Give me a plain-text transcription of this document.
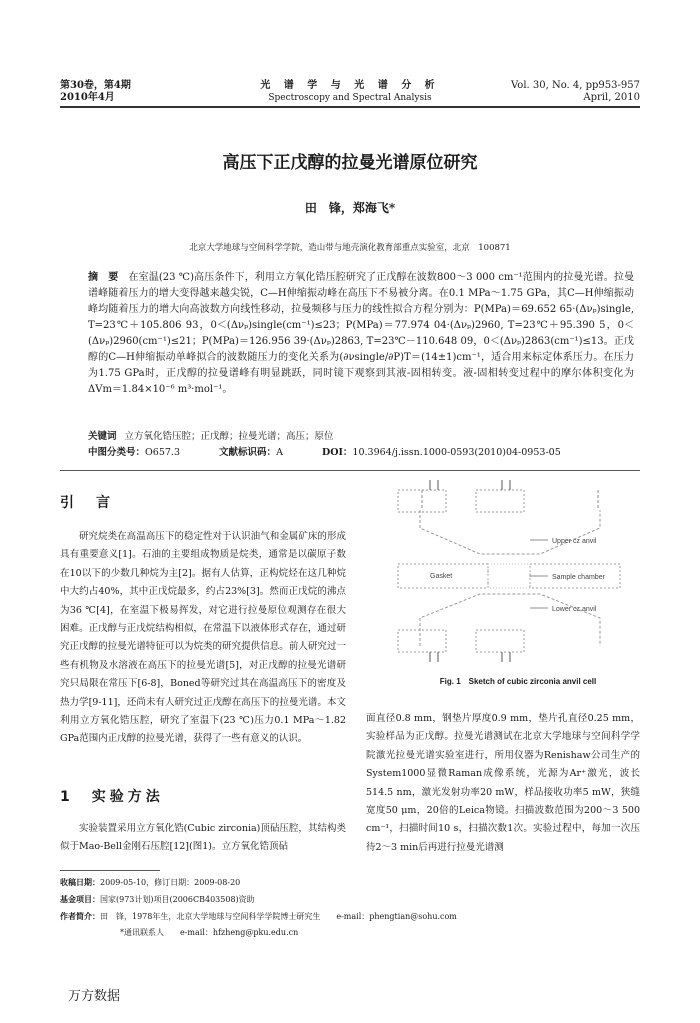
第30卷，第4期
2010年4月
光 谱 学 与 光 谱 分 析
Spectroscopy and Spectral Analysis
Vol. 30, No. 4, pp953-957
April, 2010
高压下正戊醇的拉曼光谱原位研究
田　锋，郑海飞*
北京大学地球与空间科学学院，造山带与地壳演化教育部重点实验室，北京　100871
摘　要　 在室温(23 ℃)高压条件下，利用立方氧化锆压腔研究了正戊醇在波数800～3 000 cm⁻¹范围内的拉曼光谱。拉曼谱峰随着压力的增大变得越来越尖锐，C—H伸缩振动峰在高压下不易被分离。在0.1 MPa～1.75 GPa，其C—H伸缩振动峰均随着压力的增大向高波数方向线性移动，拉曼频移与压力的线性拟合方程分别为：P(MPa)＝69.652 65·(Δνₚ)single, T=23℃＋105.806 93，0＜(Δνₚ)single(cm⁻¹)≤23；P(MPa)＝77.974 04·(Δνₚ)2960, T=23℃＋95.390 5，0＜(Δνₚ)2960(cm⁻¹)≤21；P(MPa)＝126.956 39·(Δνₚ)2863, T=23℃－110.648 09，0＜(Δνₚ)2863(cm⁻¹)≤13。正戊醇的C—H伸缩振动单峰拟合的波数随压力的变化关系为(∂νsingle/∂P)T＝(14±1)cm⁻¹，适合用来标定体系压力。在压力为1.75 GPa时，正戊醇的拉曼谱峰有明显跳跃，同时镜下观察到其液-固相转变。液-固相转变过程中的摩尔体积变化为ΔVm＝1.84×10⁻⁶ m³·mol⁻¹。
关键词 立方氧化锆压腔；正戊醇；拉曼光谱；高压；原位
中图分类号：O657.3	文献标识码：A	DOI：10.3964/j.issn.1000-0593(2010)04-0953-05
引　言

研究烷类在高温高压下的稳定性对于认识油气和金属矿床的形成具有重要意义[1]。石油的主要组成物质是烷类，通常是以碳原子数在10以下的少数几种烷为主[2]。据有人估算，正构烷烃在这几种烷中大约占40%，其中正戊烷最多，约占23%[3]。然而正戊烷的沸点为36 ℃[4]，在室温下极易挥发，对它进行拉曼原位观测存在很大困难。正戊醇与正戊烷结构相似，在常温下以液体形式存在，通过研究正戊醇的拉曼光谱特征可以为烷类的研究提供信息。前人研究过一些有机物及水溶液在高压下的拉曼光谱[5]，对正戊醇的拉曼光谱研究只局限在常压下[6-8]，Boned等研究过其在高温高压下的密度及热力学[9-11]，还尚未有人研究过正戊醇在高压下的拉曼光谱。本文利用立方氧化锆压腔，研究了室温下(23 ℃)压力0.1 MPa～1.82 GPa范围内正戊醇的拉曼光谱，获得了一些有意义的认识。

1　实验方法

实验装置采用立方氧化锆(Cubic zirconia)顶砧压腔，其结构类似于Mao-Bell金刚石压腔[12](图1)。立方氧化锆顶砧

Upper cz anvil
Gasket	Sample chamber
Lower cz anvil
Fig. 1　Sketch of cubic zirconia anvil cell

面直径0.8 mm，钢垫片厚度0.9 mm，垫片孔直径0.25 mm，实验样品为正戊醇。拉曼光谱测试在北京大学地球与空间科学学院激光拉曼光谱实验室进行，所用仪器为Renishaw公司生产的System1000显微Raman成像系统，光源为Ar⁺激光，波长514.5 nm，激光发射功率20 mW，样品接收功率5 mW，狭缝宽度50 μm，20倍的Leica物镜。扫描波数范围为200～3 500 cm⁻¹，扫描时间10 s，扫描次数1次。实验过程中，每加一次压待2～3 min后再进行拉曼光谱测

收稿日期：2009-05-10，修订日期：2009-08-20
基金项目：国家(973计划)项目(2006CB403508)资助
作者简介：田　锋，1978年生，北京大学地球与空间科学学院博士研究生　　e-mail：phengtian@sohu.com
*通讯联系人　　e-mail：hfzheng@pku.edu.cn
万方数据
